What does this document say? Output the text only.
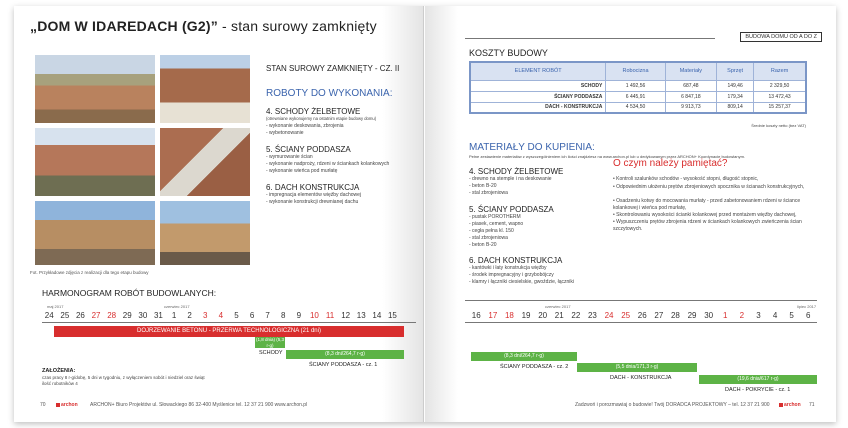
„DOM W IDAREDACH (G2)” - stan surowy zamknięty
Fot. Przykładowe zdjęcia z realizacji dla tego etapu budowy
STAN SUROWY ZAMKNIĘTY - CZ. II
ROBOTY DO WYKONANIA:
4. SCHODY ŻELBETOWE
(otrewniane wykonujemy na ostatnim etapie budowy domu)
- wykonanie deskowania, zbrojenia
- wybetonowanie
5. ŚCIANY PODDASZA
- wymurowanie ścian
- wykonanie nadproży, rdzeni w ściankach kolankowych
- wykonanie wieńca pod murłatę
6. DACH KONSTRUKCJA
- impregnacja elementów więźby dachowej
- wykonanie konstrukcji drewnianej dachu
HARMONOGRAM ROBÓT BUDOWLANYCH:
maj 2017	czerwiec 2017
24 25 26 27 28 29 30 31	1	2	3	4	5	6	7	8	9	10 11 12 13 14 15
DOJRZEWANIE BETONU - PRZERWA TECHNOLOGICZNA (21 dni)
(1,8 dnia) (5,3 r-g)
SCHODY	(8,3 dni/264,7 r-g)
ŚCIANY PODDASZA - cz. 1
ZAŁOŻENIA:
czas pracy 8 r-g/dobę, 5 dni w tygodniu, z wyłączeniem sobót i niedziel oraz świąt
ilość robotników 4
70	archon ARCHON+ Biuro Projektów ul. Słowackiego 86 32-400 Myślenice tel. 12 37 21 900 www.archon.pl
BUDOWA DOMU OD A DO Z
KOSZTY BUDOWY
ELEMENT ROBÓT	Robocizna	Materiały	Sprzęt	Razem
SCHODY	1 492,56	687,48	149,46	2 329,50
ŚCIANY PODDASZA	6 445,91	6 847,18	179,34	13 472,43
DACH - KONSTRUKCJA	4 534,50	9 913,73	809,14	15 257,37
Średnie koszty netto (bez VAT)
MATERIAŁY DO KUPIENIA:
Pełne zestawienie materiałów z wyszczególnieniem ich ilości znajdziesz na www.archon.pl lub u dedykowanym przez ARCHON+ Koordynacie budowlanym.
4. SCHODY ŻELBETOWE
- drewno na stemple i na deskowanie
- beton B-20
- stal zbrojeniowa
5. ŚCIANY PODDASZA
- pustak POROTHERM
- piasek, cement, wapno
- cegła pełna kl. 150
- stal zbrojeniowa
- beton B-20
6. DACH KONSTRUKCJA
- kantówki i łaty konstrukcja więźby
- środek impregnacyjny i grzybobójczy
- klamry i łączniki ciesielskie, gwoździe, łączniki
O czym należy pamiętać?
• Kontroli szalunków schodów - wysokość stopni, długość stopnic,
• Odpowiednim ułożeniu prętów zbrojeniowych spocznika w ścianach konstrukcyjnych,
• Osadzeniu kotwy do mocowania murłaty - przed zabetonowaniem rdzeni w ściance kolankowej i wieńca pod murłatę,
• Skontrolowaniu wysokości ścianki kolankowej przed montażem więźby dachowej,
• Wypuszczeniu prętów zbrojenia rdzeni w ściankach kolankowych zwieńczenia ścian szczytowych.
czerwiec 2017	lipiec 2017
16 17 18 19 20 21 22 23 24 25 26 27 28 29 30	1	2	3	4	5	6
(8,3 dni/264,7 r-g)
ŚCIANY PODDASZA - cz. 2	(5,5 dnia/171,3 r-g)
DACH - KONSTRUKCJA	(19,6 dnia/617 r-g)
DACH - POKRYCIE - cz. 1
Zadzwoń i porozmawiaj o budowie! Twój DORADCA PROJEKTOWY – tel. 12 37 21 900	archon 71
